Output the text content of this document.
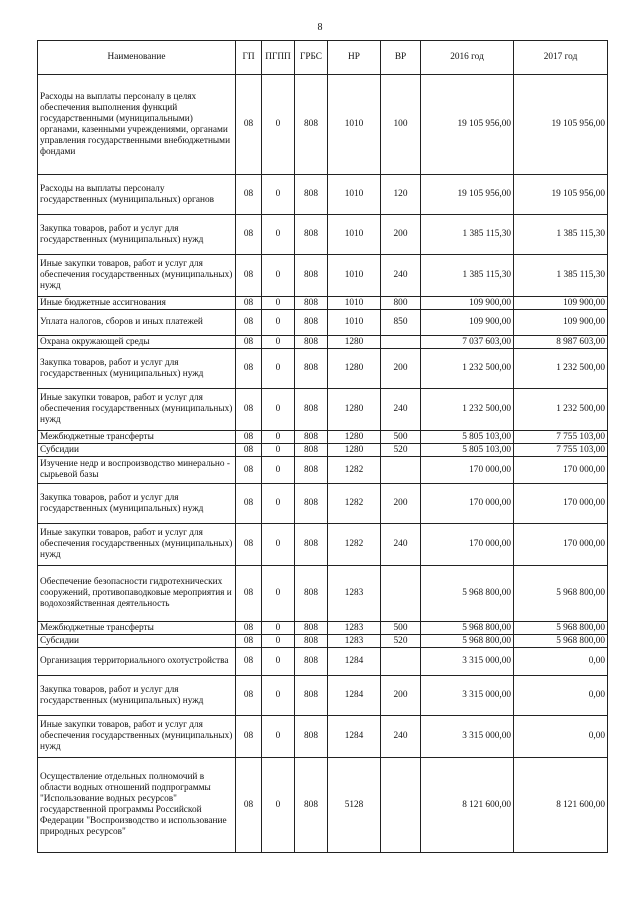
8
Наименование	ГП	ПГПП	ГРБС	НР	ВР	2016 год	2017 год
Расходы на выплаты персоналу в целях обеспечения выполнения функций государственными (муниципальными) органами, казенными учреждениями, органами управления государственными внебюджетными фондами	08	0	808	1010	100	19 105 956,00	19 105 956,00
Расходы на выплаты персоналу государственных (муниципальных) органов	08	0	808	1010	120	19 105 956,00	19 105 956,00
Закупка товаров, работ и услуг для государственных (муниципальных) нужд	08	0	808	1010	200	1 385 115,30	1 385 115,30
Иные закупки товаров, работ и услуг для обеспечения государственных (муниципальных) нужд	08	0	808	1010	240	1 385 115,30	1 385 115,30
Иные бюджетные ассигнования	08	0	808	1010	800	109 900,00	109 900,00
Уплата налогов, сборов и иных платежей	08	0	808	1010	850	109 900,00	109 900,00
Охрана окружающей среды	08	0	808	1280		7 037 603,00	8 987 603,00
Закупка товаров, работ и услуг для государственных (муниципальных) нужд	08	0	808	1280	200	1 232 500,00	1 232 500,00
Иные закупки товаров, работ и услуг для обеспечения государственных (муниципальных) нужд	08	0	808	1280	240	1 232 500,00	1 232 500,00
Межбюджетные трансферты	08	0	808	1280	500	5 805 103,00	7 755 103,00
Субсидии	08	0	808	1280	520	5 805 103,00	7 755 103,00
Изучение недр и воспроизводство минерально - сырьевой базы	08	0	808	1282		170 000,00	170 000,00
Закупка товаров, работ и услуг для государственных (муниципальных) нужд	08	0	808	1282	200	170 000,00	170 000,00
Иные закупки товаров, работ и услуг для обеспечения государственных (муниципальных) нужд	08	0	808	1282	240	170 000,00	170 000,00
Обеспечение безопасности гидротехнических сооружений, противопаводковые мероприятия и водохозяйственная деятельность	08	0	808	1283		5 968 800,00	5 968 800,00
Межбюджетные трансферты	08	0	808	1283	500	5 968 800,00	5 968 800,00
Субсидии	08	0	808	1283	520	5 968 800,00	5 968 800,00
Организация территориального охотустройства	08	0	808	1284		3 315 000,00	0,00
Закупка товаров, работ и услуг для государственных (муниципальных) нужд	08	0	808	1284	200	3 315 000,00	0,00
Иные закупки товаров, работ и услуг для обеспечения государственных (муниципальных) нужд	08	0	808	1284	240	3 315 000,00	0,00
Осуществление отдельных полномочий в области водных отношений подпрограммы "Использование водных ресурсов" государственной программы Российской Федерации "Воспроизводство и использование природных ресурсов"	08	0	808	5128		8 121 600,00	8 121 600,00
